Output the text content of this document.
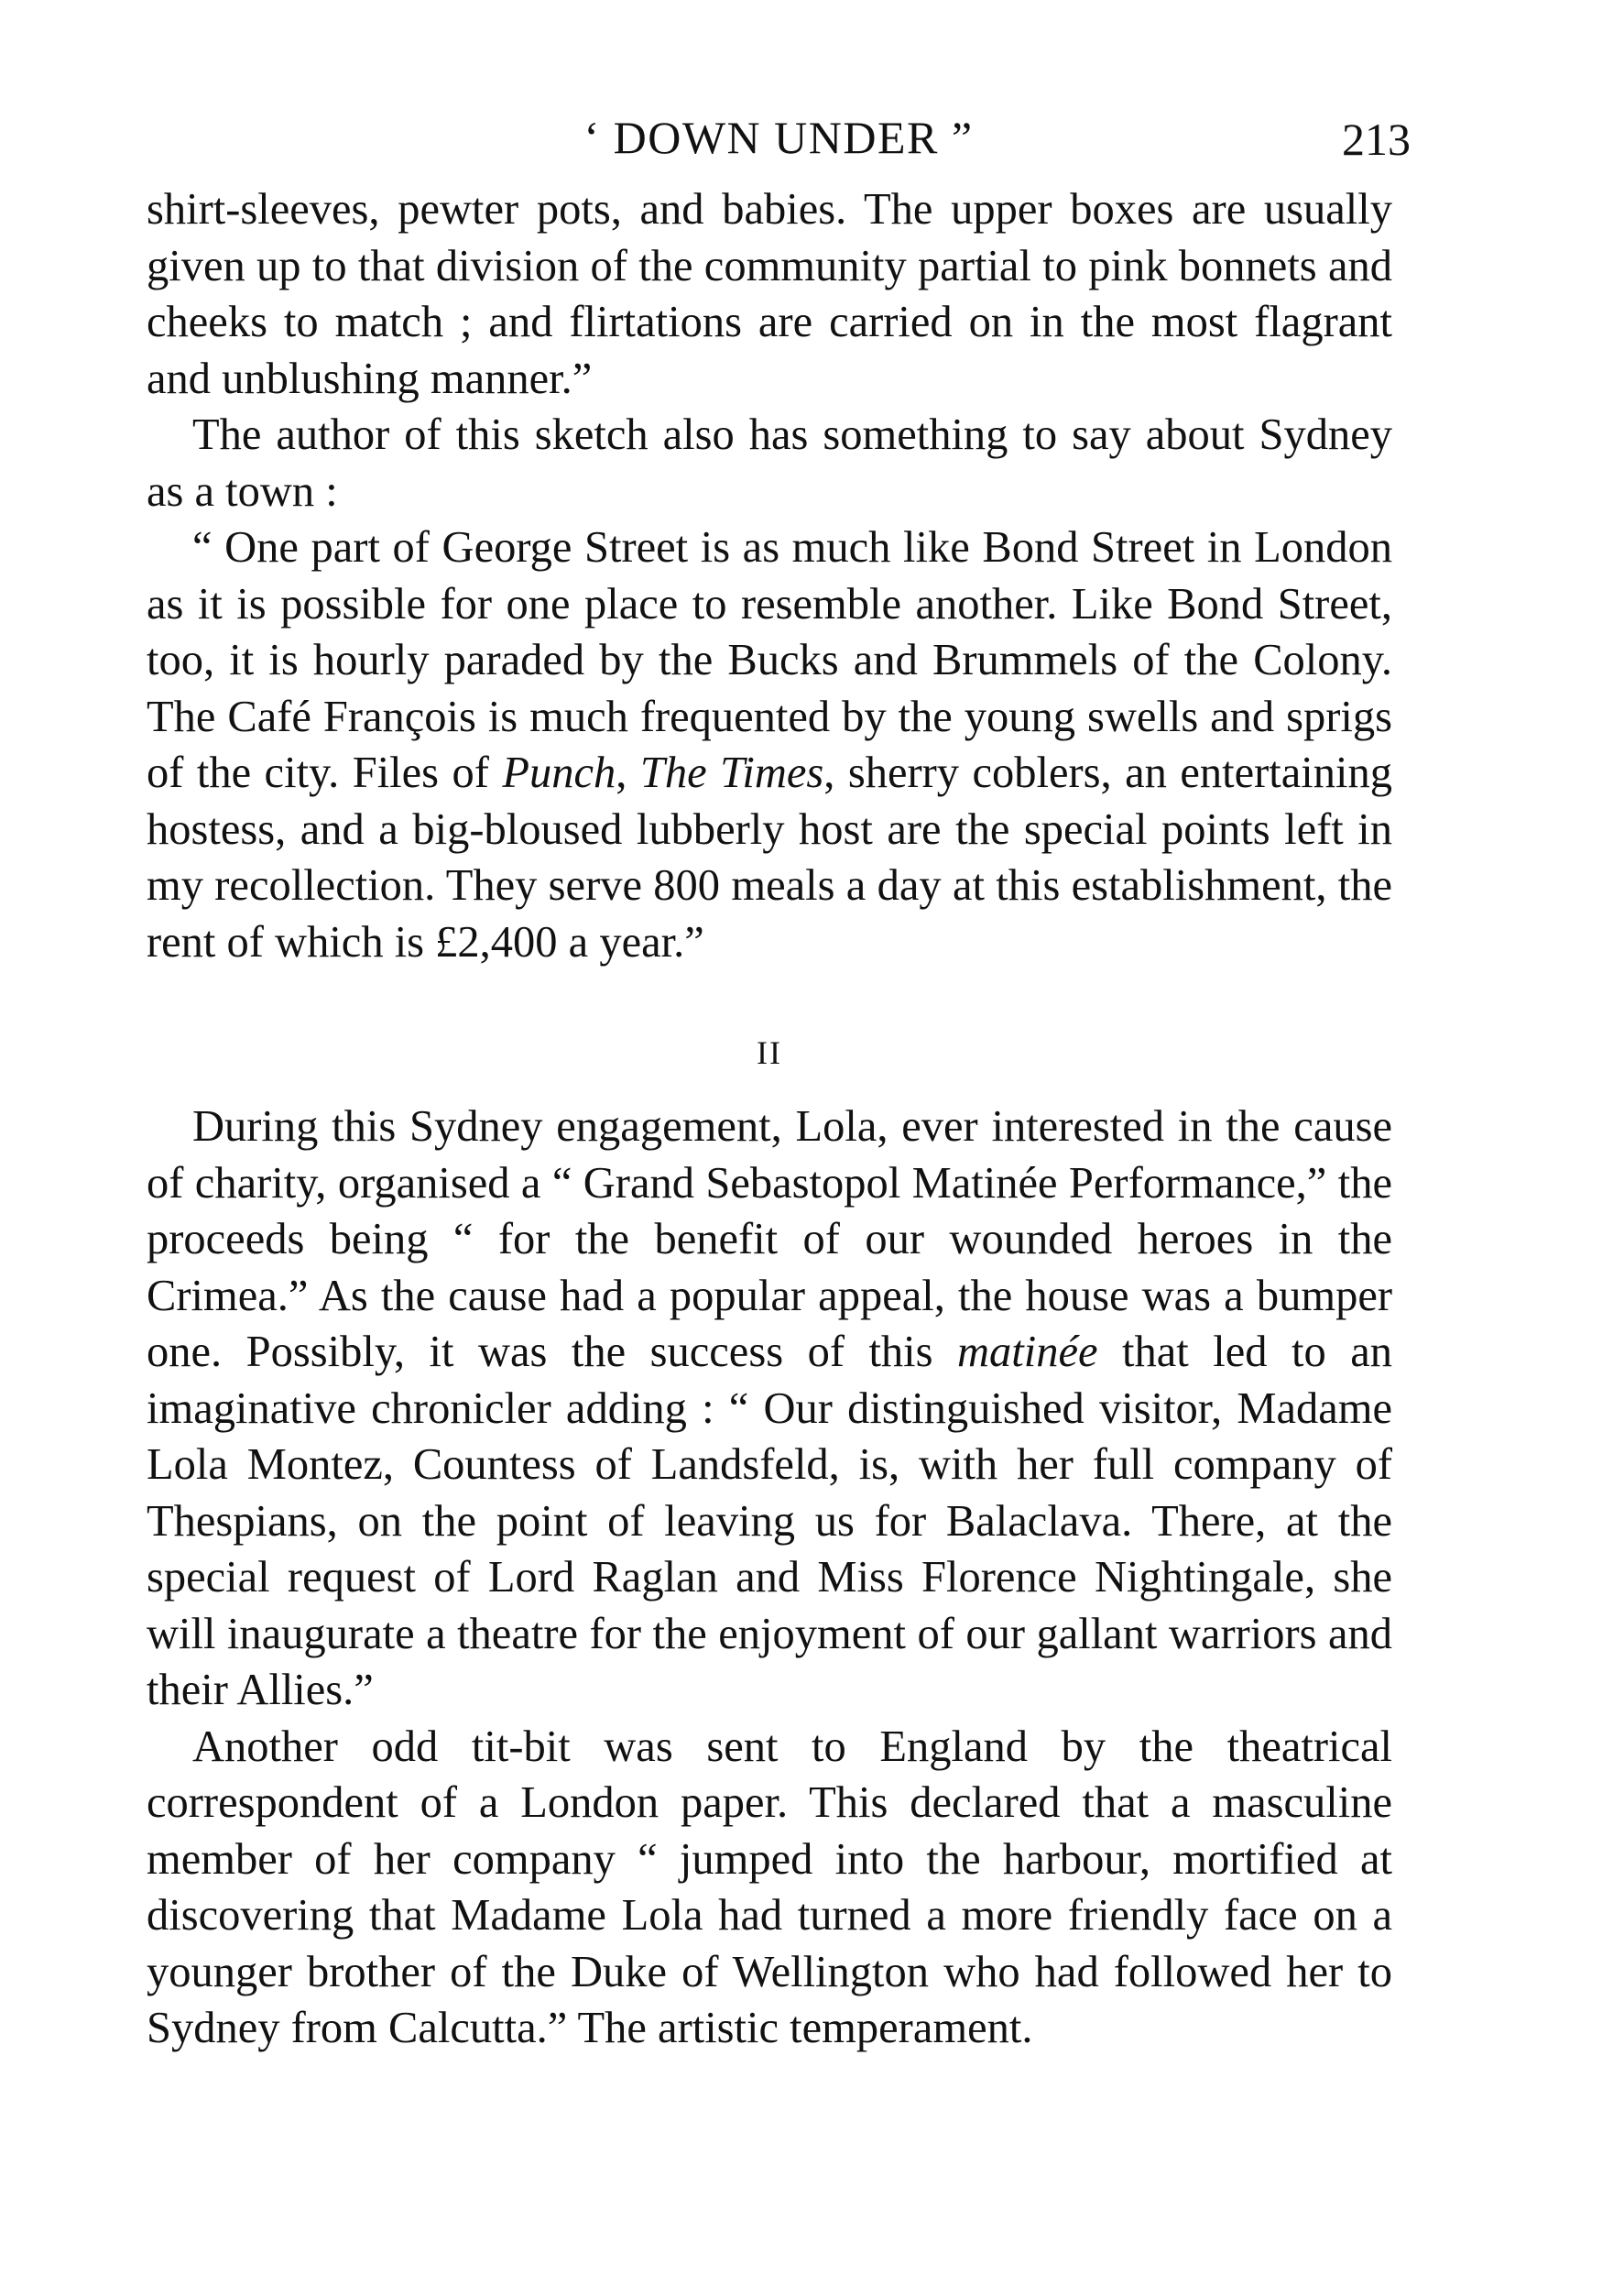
‘ DOWN UNDER ”	213

shirt-sleeves, pewter pots, and babies. The upper boxes are usually given up to that division of the community partial to pink bonnets and cheeks to match ; and flirtations are carried on in the most flagrant and unblushing manner.”

The author of this sketch also has something to say about Sydney as a town :

“ One part of George Street is as much like Bond Street in London as it is possible for one place to resemble another. Like Bond Street, too, it is hourly paraded by the Bucks and Brummels of the Colony. The Café François is much frequented by the young swells and sprigs of the city. Files of Punch, The Times, sherry coblers, an entertaining hostess, and a big-bloused lubberly host are the special points left in my recollection. They serve 800 meals a day at this establishment, the rent of which is £2,400 a year.”

II

During this Sydney engagement, Lola, ever interested in the cause of charity, organised a “ Grand Sebastopol Matinée Performance,” the proceeds being “ for the benefit of our wounded heroes in the Crimea.” As the cause had a popular appeal, the house was a bumper one. Possibly, it was the success of this matinée that led to an imaginative chronicler adding : “ Our distinguished visitor, Madame Lola Montez, Countess of Landsfeld, is, with her full company of Thespians, on the point of leaving us for Balaclava. There, at the special request of Lord Raglan and Miss Florence Nightingale, she will inaugurate a theatre for the enjoyment of our gallant warriors and their Allies.”

Another odd tit-bit was sent to England by the theatrical correspondent of a London paper. This declared that a masculine member of her company “ jumped into the harbour, mortified at discovering that Madame Lola had turned a more friendly face on a younger brother of the Duke of Wellington who had followed her to Sydney from Calcutta.” The artistic temperament.
